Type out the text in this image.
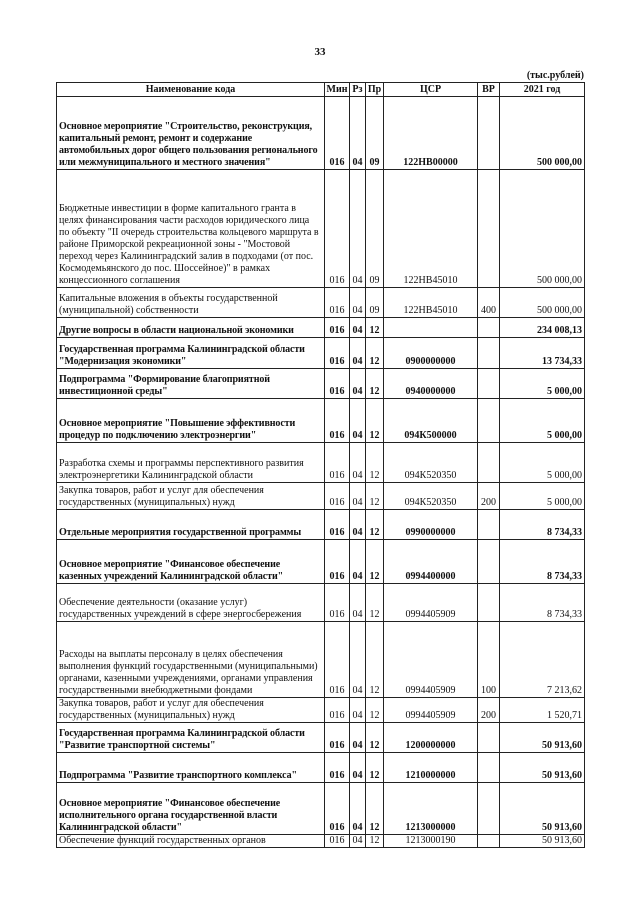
33
(тыс.рублей)
Наименование кода	Мин	Рз	Пр	ЦСР	ВР	2021 год
Основное мероприятие "Строительство, реконструкция, капитальный ремонт, ремонт и содержание автомобильных дорог общего пользования регионального или межмуниципального и местного значения"	016	04	09	122НВ00000		500 000,00
Бюджетные инвестиции в форме капитального гранта в целях финансирования части расходов юридического лица по объекту "II очередь строительства кольцевого маршрута в районе Приморской рекреационной зоны - "Мостовой переход через Калининградский залив в подходами (от пос. Космодемьянского до пос. Шоссейное)" в рамках концессионного соглашения	016	04	09	122НВ45010		500 000,00
Капитальные вложения в объекты государственной (муниципальной) собственности	016	04	09	122НВ45010	400	500 000,00
Другие вопросы в области национальной экономики	016	04	12			234 008,13
Государственная программа Калининградской области "Модернизация экономики"	016	04	12	0900000000		13 734,33
Подпрограмма "Формирование благоприятной инвестиционной среды"	016	04	12	0940000000		5 000,00
Основное мероприятие "Повышение эффективности процедур по подключению электроэнергии"	016	04	12	094К500000		5 000,00
Разработка схемы и программы перспективного развития электроэнергетики Калининградской области	016	04	12	094К520350		5 000,00
Закупка товаров, работ и услуг для обеспечения государственных (муниципальных) нужд	016	04	12	094К520350	200	5 000,00
Отдельные мероприятия государственной программы	016	04	12	0990000000		8 734,33
Основное мероприятие "Финансовое обеспечение казенных учреждений Калининградской области"	016	04	12	0994400000		8 734,33
Обеспечение деятельности (оказание услуг) государственных учреждений в сфере энергосбережения	016	04	12	0994405909		8 734,33
Расходы на выплаты персоналу в целях обеспечения выполнения функций государственными (муниципальными) органами, казенными учреждениями, органами управления государственными внебюджетными фондами	016	04	12	0994405909	100	7 213,62
Закупка товаров, работ и услуг для обеспечения государственных (муниципальных) нужд	016	04	12	0994405909	200	1 520,71
Государственная программа Калининградской области "Развитие транспортной системы"	016	04	12	1200000000		50 913,60
Подпрограмма "Развитие транспортного комплекса"	016	04	12	1210000000		50 913,60
Основное мероприятие "Финансовое обеспечение исполнительного органа государственной власти Калининградской области"	016	04	12	1213000000		50 913,60
Обеспечение функций государственных органов	016	04	12	1213000190		50 913,60
